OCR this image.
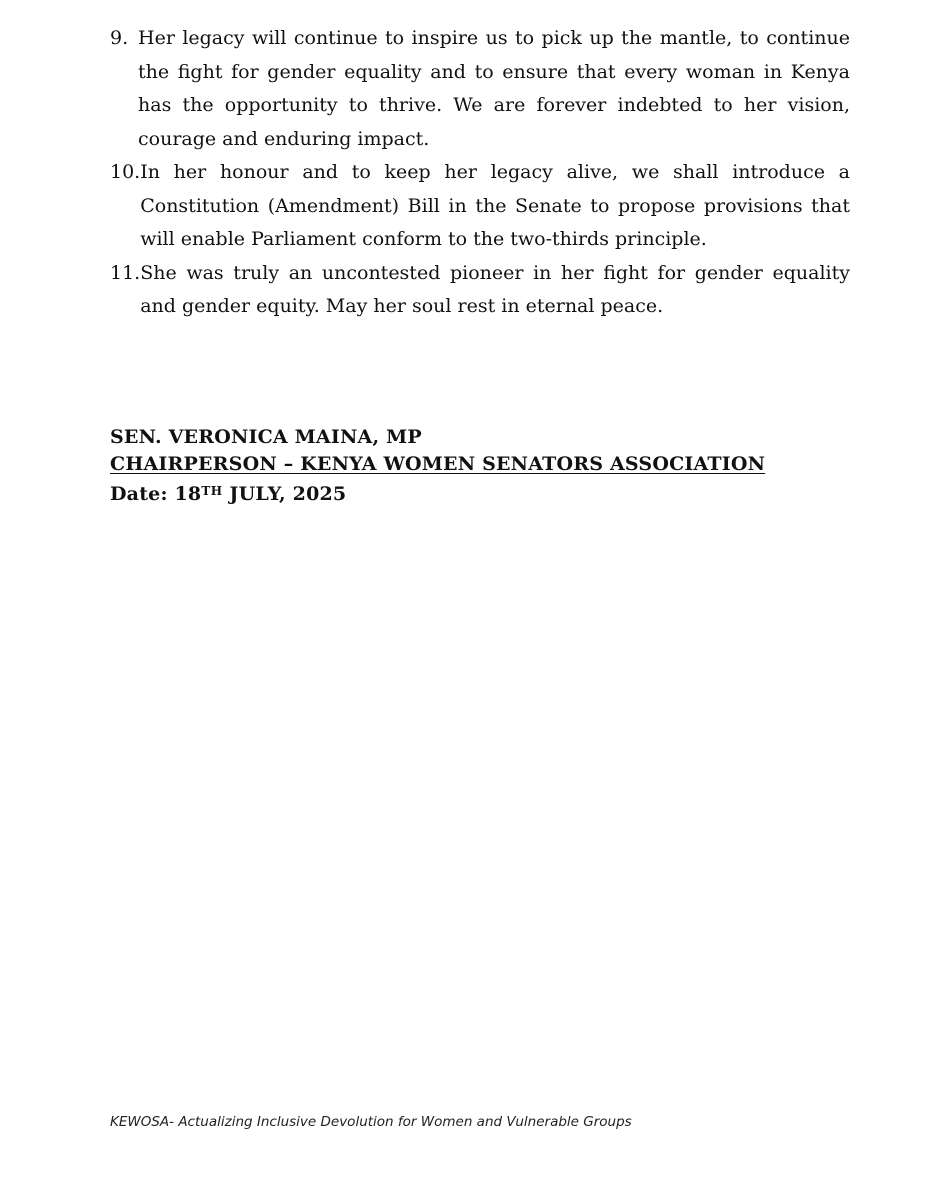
9. Her legacy will continue to inspire us to pick up the mantle, to continue the fight for gender equality and to ensure that every woman in Kenya has the opportunity to thrive. We are forever indebted to her vision, courage and enduring impact.
10. In her honour and to keep her legacy alive, we shall introduce a Constitution (Amendment) Bill in the Senate to propose provisions that will enable Parliament conform to the two-thirds principle.
11. She was truly an uncontested pioneer in her fight for gender equality and gender equity. May her soul rest in eternal peace.
SEN. VERONICA MAINA, MP
CHAIRPERSON – KENYA WOMEN SENATORS ASSOCIATION
Date: 18TH JULY, 2025
KEWOSA- Actualizing Inclusive Devolution for Women and Vulnerable Groups
